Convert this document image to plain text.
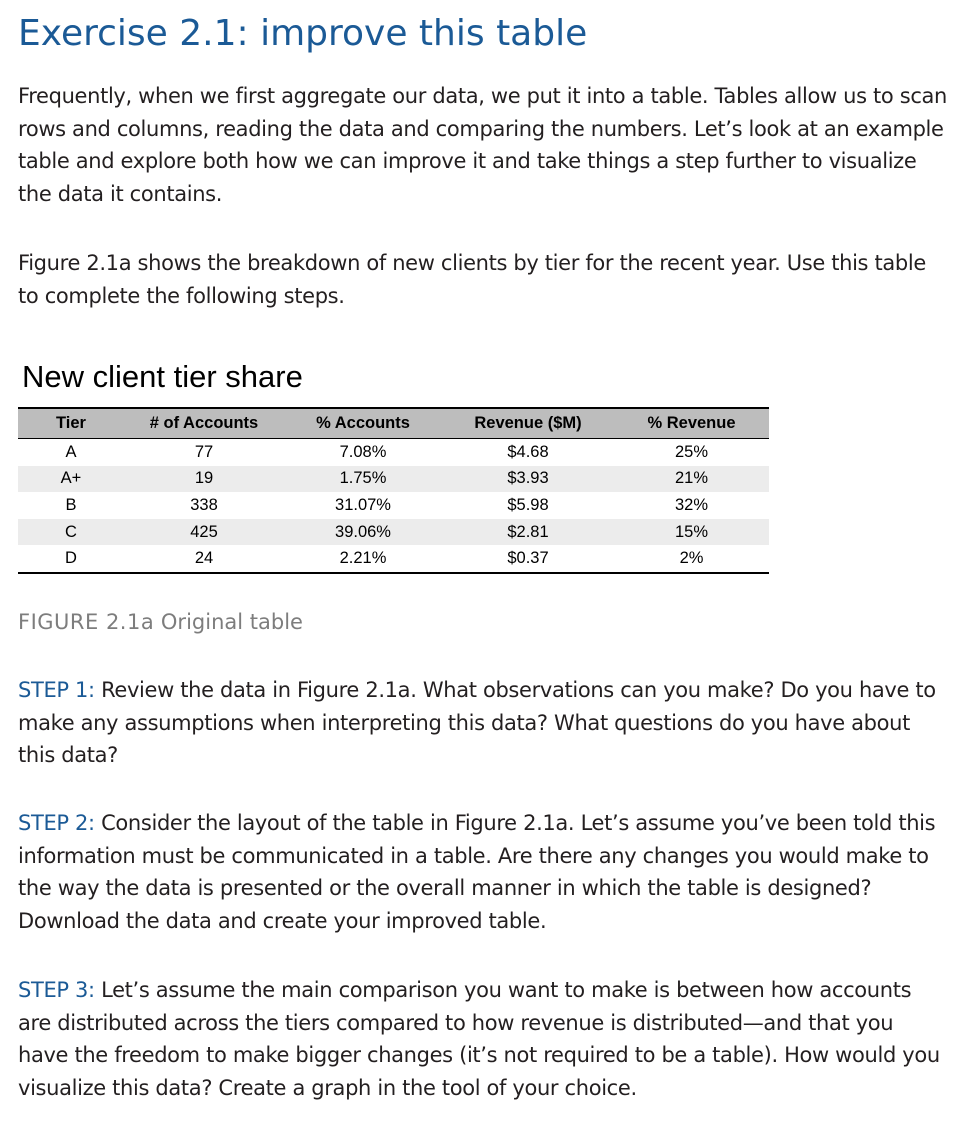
Exercise 2.1: improve this table

Frequently, when we first aggregate our data, we put it into a table. Tables allow us to scan rows and columns, reading the data and comparing the numbers. Let’s look at an example table and explore both how we can improve it and take things a step further to visualize the data it contains.

Figure 2.1a shows the breakdown of new clients by tier for the recent year. Use this table to complete the following steps.

New client tier share
Tier	# of Accounts	% Accounts	Revenue ($M)	% Revenue
A	77	7.08%	$4.68	25%
A+	19	1.75%	$3.93	21%
B	338	31.07%	$5.98	32%
C	425	39.06%	$2.81	15%
D	24	2.21%	$0.37	2%

FIGURE 2.1a Original table

STEP 1: Review the data in Figure 2.1a. What observations can you make? Do you have to make any assumptions when interpreting this data? What questions do you have about this data?

STEP 2: Consider the layout of the table in Figure 2.1a. Let’s assume you’ve been told this information must be communicated in a table. Are there any changes you would make to the way the data is presented or the overall manner in which the table is designed? Download the data and create your improved table.

STEP 3: Let’s assume the main comparison you want to make is between how accounts are distributed across the tiers compared to how revenue is distributed—and that you have the freedom to make bigger changes (it’s not required to be a table). How would you visualize this data? Create a graph in the tool of your choice.
